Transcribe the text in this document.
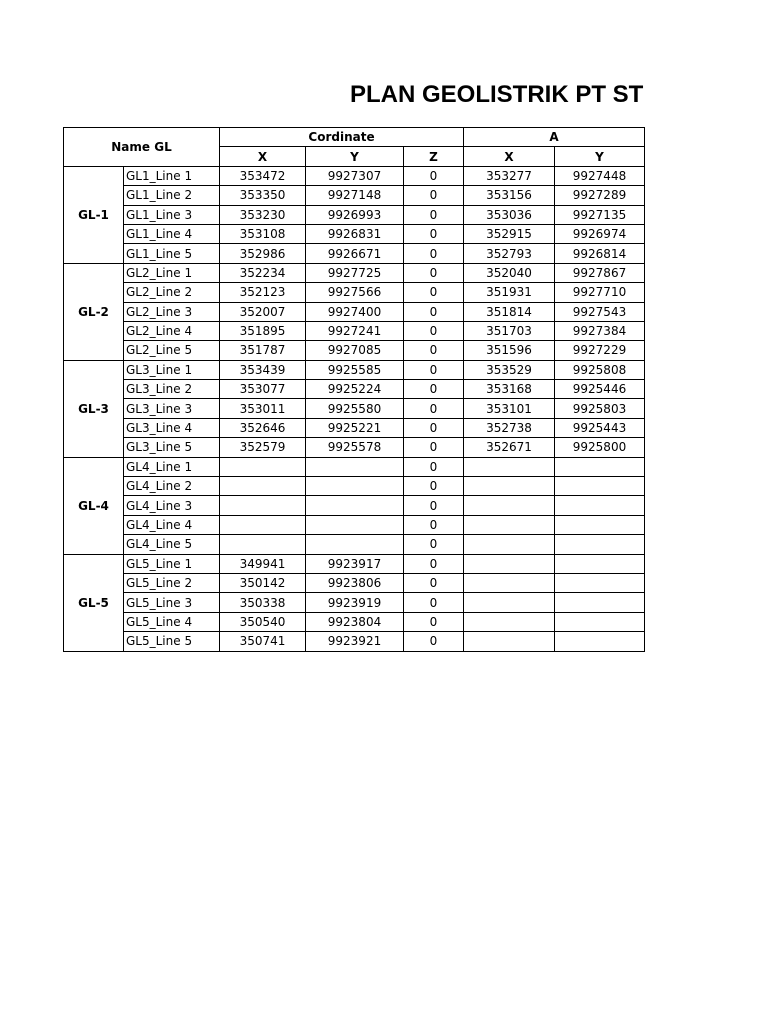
PLAN GEOLISTRIK PT ST
Name GL		Cordinate			A	
		X	Y	Z	X	Y
GL-1	GL1_Line 1	353472	9927307	0	353277	9927448
	GL1_Line 2	353350	9927148	0	353156	9927289
	GL1_Line 3	353230	9926993	0	353036	9927135
	GL1_Line 4	353108	9926831	0	352915	9926974
	GL1_Line 5	352986	9926671	0	352793	9926814
GL-2	GL2_Line 1	352234	9927725	0	352040	9927867
	GL2_Line 2	352123	9927566	0	351931	9927710
	GL2_Line 3	352007	9927400	0	351814	9927543
	GL2_Line 4	351895	9927241	0	351703	9927384
	GL2_Line 5	351787	9927085	0	351596	9927229
GL-3	GL3_Line 1	353439	9925585	0	353529	9925808
	GL3_Line 2	353077	9925224	0	353168	9925446
	GL3_Line 3	353011	9925580	0	353101	9925803
	GL3_Line 4	352646	9925221	0	352738	9925443
	GL3_Line 5	352579	9925578	0	352671	9925800
GL-4	GL4_Line 1			0		
	GL4_Line 2			0		
	GL4_Line 3			0		
	GL4_Line 4			0		
	GL4_Line 5			0		
GL-5	GL5_Line 1	349941	9923917	0		
	GL5_Line 2	350142	9923806	0		
	GL5_Line 3	350338	9923919	0		
	GL5_Line 4	350540	9923804	0		
	GL5_Line 5	350741	9923921	0		
